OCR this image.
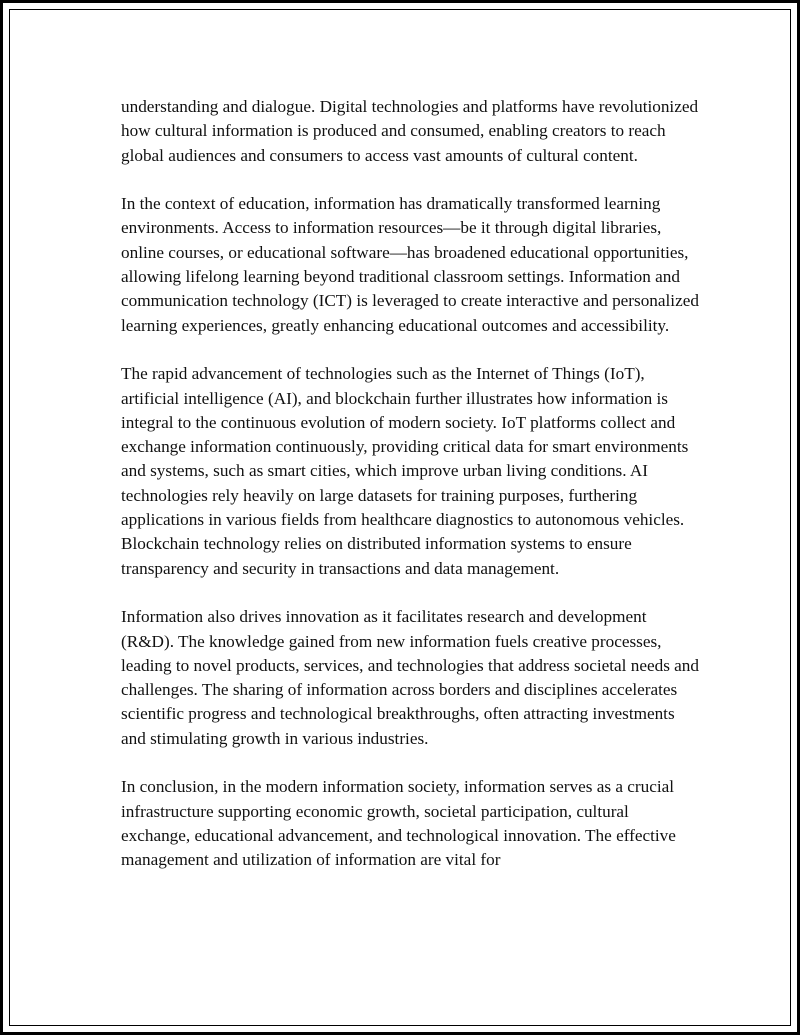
understanding and dialogue. Digital technologies and platforms have revolutionized how cultural information is produced and consumed, enabling creators to reach global audiences and consumers to access vast amounts of cultural content.

In the context of education, information has dramatically transformed learning environments. Access to information resources—be it through digital libraries, online courses, or educational software—has broadened educational opportunities, allowing lifelong learning beyond traditional classroom settings. Information and communication technology (ICT) is leveraged to create interactive and personalized learning experiences, greatly enhancing educational outcomes and accessibility.

The rapid advancement of technologies such as the Internet of Things (IoT), artificial intelligence (AI), and blockchain further illustrates how information is integral to the continuous evolution of modern society. IoT platforms collect and exchange information continuously, providing critical data for smart environments and systems, such as smart cities, which improve urban living conditions. AI technologies rely heavily on large datasets for training purposes, furthering applications in various fields from healthcare diagnostics to autonomous vehicles. Blockchain technology relies on distributed information systems to ensure transparency and security in transactions and data management.

Information also drives innovation as it facilitates research and development (R&D). The knowledge gained from new information fuels creative processes, leading to novel products, services, and technologies that address societal needs and challenges. The sharing of information across borders and disciplines accelerates scientific progress and technological breakthroughs, often attracting investments and stimulating growth in various industries.

In conclusion, in the modern information society, information serves as a crucial infrastructure supporting economic growth, societal participation, cultural exchange, educational advancement, and technological innovation. The effective management and utilization of information are vital for
